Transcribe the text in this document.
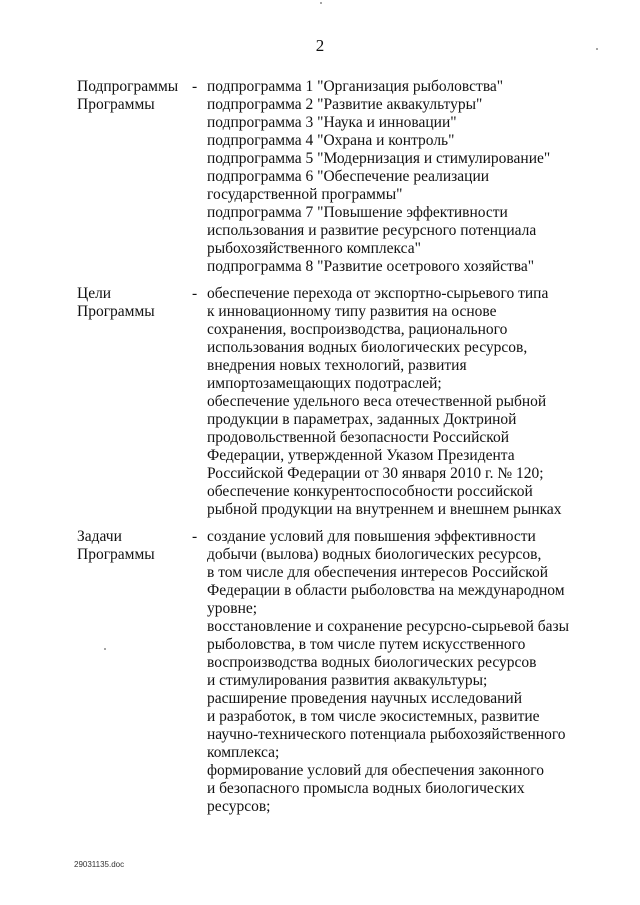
2
Подпрограммы
Программы
- подпрограмма 1 "Организация рыболовства"
подпрограмма 2 "Развитие аквакультуры"
подпрограмма 3 "Наука и инновации"
подпрограмма 4 "Охрана и контроль"
подпрограмма 5 "Модернизация и стимулирование"
подпрограмма 6 "Обеспечение реализации
государственной программы"
подпрограмма 7 "Повышение эффективности
использования и развитие ресурсного потенциала
рыбохозяйственного комплекса"
подпрограмма 8 "Развитие осетрового хозяйства"
Цели
Программы
- обеспечение перехода от экспортно-сырьевого типа
к инновационному типу развития на основе
сохранения, воспроизводства, рационального
использования водных биологических ресурсов,
внедрения новых технологий, развития
импортозамещающих подотраслей;
обеспечение удельного веса отечественной рыбной
продукции в параметрах, заданных Доктриной
продовольственной безопасности Российской
Федерации, утвержденной Указом Президента
Российской Федерации от 30 января 2010 г. № 120;
обеспечение конкурентоспособности российской
рыбной продукции на внутреннем и внешнем рынках
Задачи
Программы
- создание условий для повышения эффективности
добычи (вылова) водных биологических ресурсов,
в том числе для обеспечения интересов Российской
Федерации в области рыболовства на международном
уровне;
восстановление и сохранение ресурсно-сырьевой базы
рыболовства, в том числе путем искусственного
воспроизводства водных биологических ресурсов
и стимулирования развития аквакультуры;
расширение проведения научных исследований
и разработок, в том числе экосистемных, развитие
научно-технического потенциала рыбохозяйственного
комплекса;
формирование условий для обеспечения законного
и безопасного промысла водных биологических
ресурсов;
29031135.doc
